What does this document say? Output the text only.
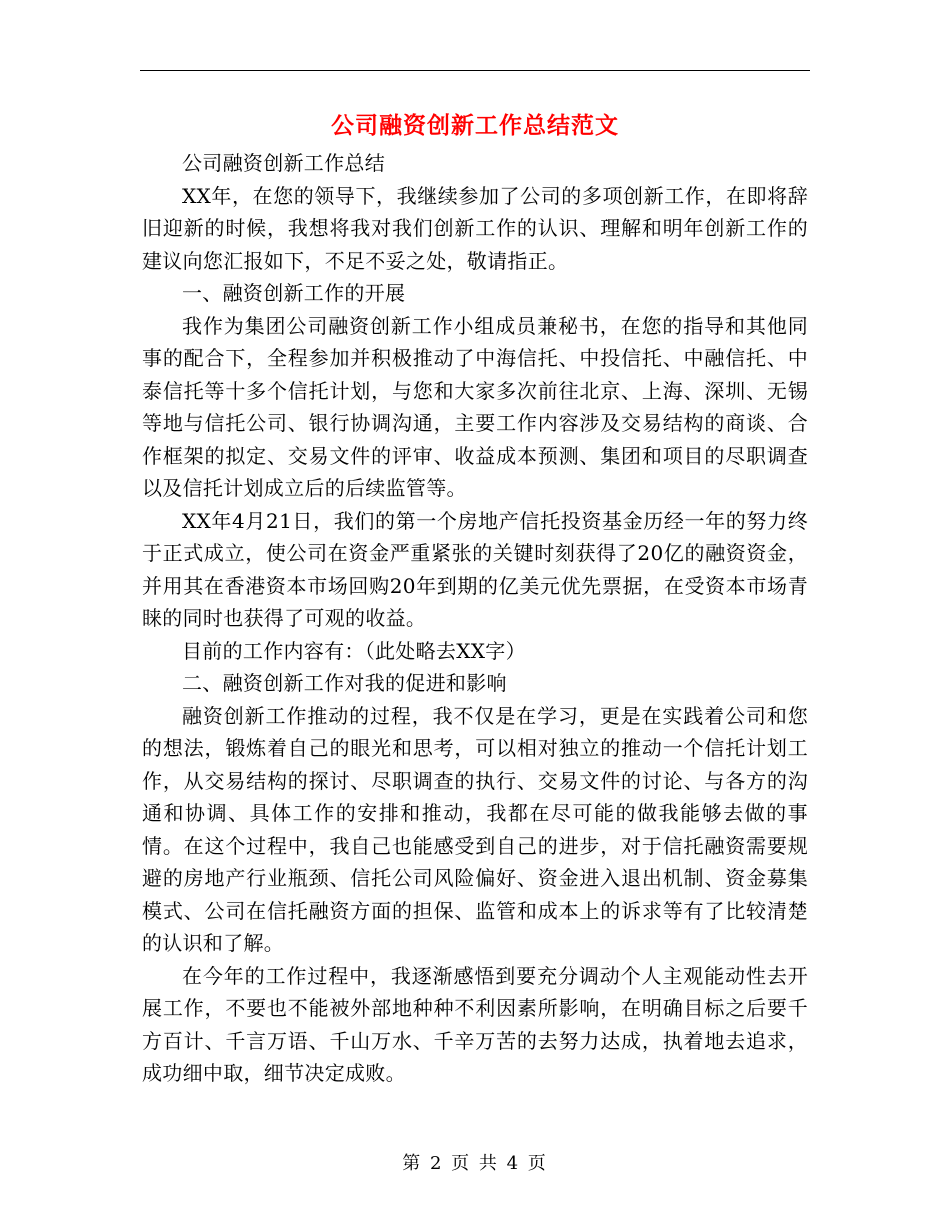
公司融资创新工作总结范文

公司融资创新工作总结

XX年，在您的领导下，我继续参加了公司的多项创新工作，在即将辞旧迎新的时候，我想将我对我们创新工作的认识、理解和明年创新工作的建议向您汇报如下，不足不妥之处，敬请指正。

一、融资创新工作的开展

我作为集团公司融资创新工作小组成员兼秘书，在您的指导和其他同事的配合下，全程参加并积极推动了中海信托、中投信托、中融信托、中泰信托等十多个信托计划，与您和大家多次前往北京、上海、深圳、无锡等地与信托公司、银行协调沟通，主要工作内容涉及交易结构的商谈、合作框架的拟定、交易文件的评审、收益成本预测、集团和项目的尽职调查以及信托计划成立后的后续监管等。

XX年4月21日，我们的第一个房地产信托投资基金历经一年的努力终于正式成立，使公司在资金严重紧张的关键时刻获得了20亿的融资资金，并用其在香港资本市场回购20年到期的亿美元优先票据，在受资本市场青睐的同时也获得了可观的收益。

目前的工作内容有：（此处略去XX字）

二、融资创新工作对我的促进和影响

融资创新工作推动的过程，我不仅是在学习，更是在实践着公司和您的想法，锻炼着自己的眼光和思考，可以相对独立的推动一个信托计划工作，从交易结构的探讨、尽职调查的执行、交易文件的讨论、与各方的沟通和协调、具体工作的安排和推动，我都在尽可能的做我能够去做的事情。在这个过程中，我自己也能感受到自己的进步，对于信托融资需要规避的房地产行业瓶颈、信托公司风险偏好、资金进入退出机制、资金募集模式、公司在信托融资方面的担保、监管和成本上的诉求等有了比较清楚的认识和了解。

在今年的工作过程中，我逐渐感悟到要充分调动个人主观能动性去开展工作，不要也不能被外部地种种不利因素所影响，在明确目标之后要千方百计、千言万语、千山万水、千辛万苦的去努力达成，执着地去追求，成功细中取，细节决定成败。

第 2 页 共 4 页
